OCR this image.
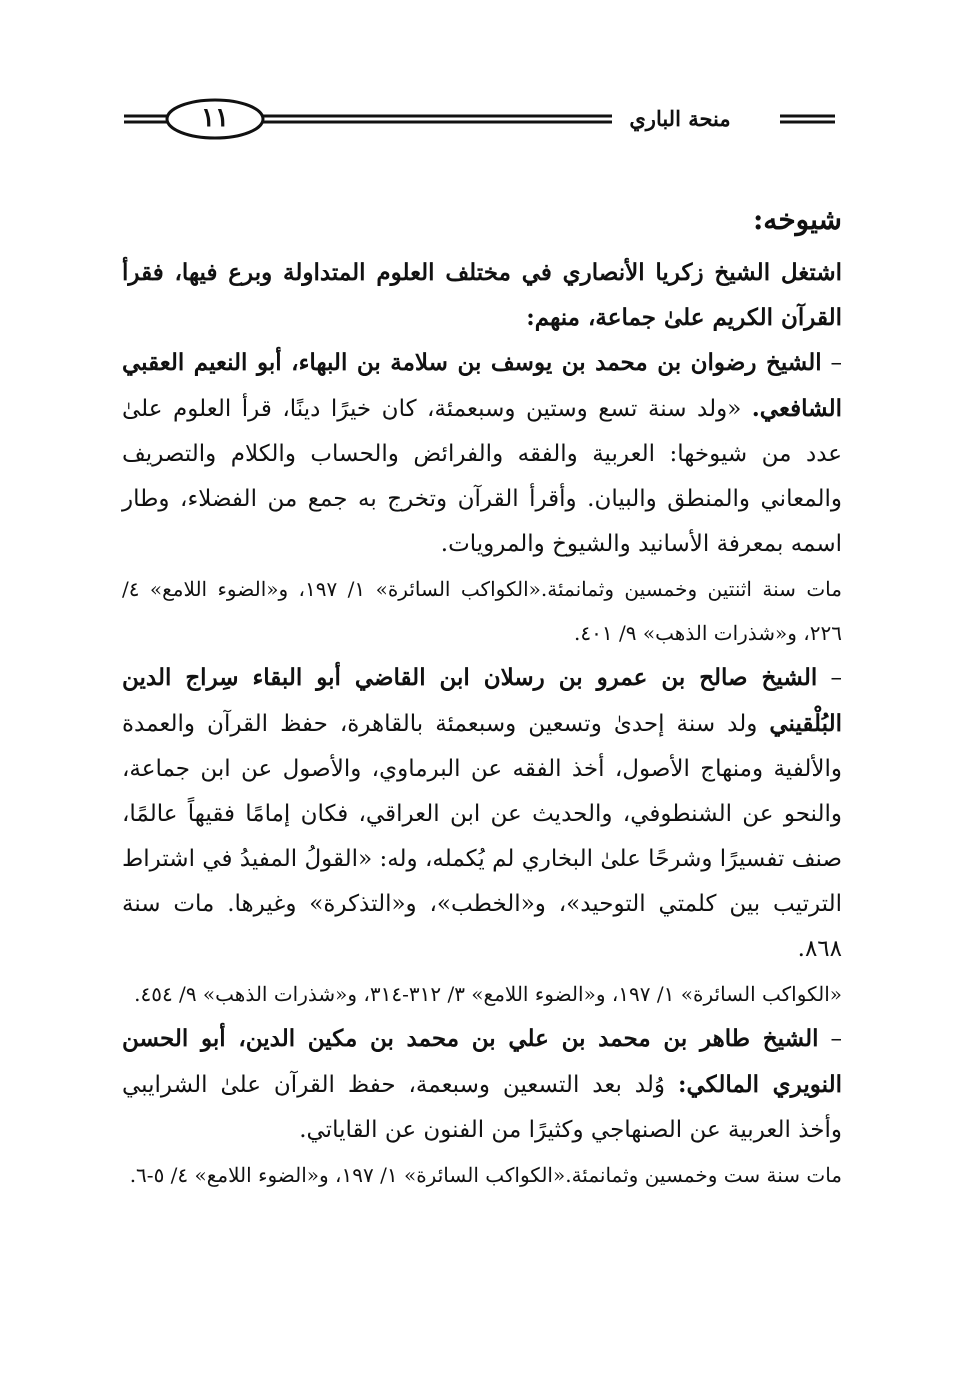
١١	منحة الباري
شيوخه:

اشتغل الشيخ زكريا الأنصاري في مختلف العلوم المتداولة وبرع فيها، فقرأ القرآن الكريم علىٰ جماعة، منهم:

– الشيخ رضوان بن محمد بن يوسف بن سلامة بن البهاء، أبو النعيم العقبي الشافعي. «ولد سنة تسع وستين وسبعمئة، كان خيرًا دينًا، قرأ العلوم علىٰ عدد من شيوخها: العربية والفقه والفرائض والحساب والكلام والتصريف والمعاني والمنطق والبيان. وأقرأ القرآن وتخرج به جمع من الفضلاء، وطار اسمه بمعرفة الأسانيد والشيوخ والمرويات.

مات سنة اثنتين وخمسين وثمانمئة.«الكواكب السائرة» ١/ ١٩٧، و«الضوء اللامع» ٤/ ٢٢٦، و«شذرات الذهب» ٩/ ٤٠١.

– الشيخ صالح بن عمرو بن رسلان ابن القاضي أبو البقاء سِراج الدين البُلْقيني ولد سنة إحدىٰ وتسعين وسبعمئة بالقاهرة، حفظ القرآن والعمدة والألفية ومنهاج الأصول، أخذ الفقه عن البرماوي، والأصول عن ابن جماعة، والنحو عن الشنطوفي، والحديث عن ابن العراقي، فكان إمامًا فقيهاً عالمًا، صنف تفسيرًا وشرحًا علىٰ البخاري لم يُكمله، وله: «القولُ المفيدُ في اشتراط الترتيب بين كلمتي التوحيد»، و«الخطب»، و«التذكرة» وغيرها. مات سنة ٨٦٨.

«الكواكب السائرة» ١/ ١٩٧، و«الضوء اللامع» ٣/ ٣١٢-٣١٤، و«شذرات الذهب» ٩/ ٤٥٤.

– الشيخ طاهر بن محمد بن علي بن محمد بن مكين الدين، أبو الحسن النويري المالكي: وُلد بعد التسعين وسبعمة، حفظ القرآن علىٰ الشرايبي وأخذ العربية عن الصنهاجي وكثيرًا من الفنون عن القاياتي.

مات سنة ست وخمسين وثمانمئة.«الكواكب السائرة» ١/ ١٩٧، و«الضوء اللامع» ٤/ ٥-٦.
